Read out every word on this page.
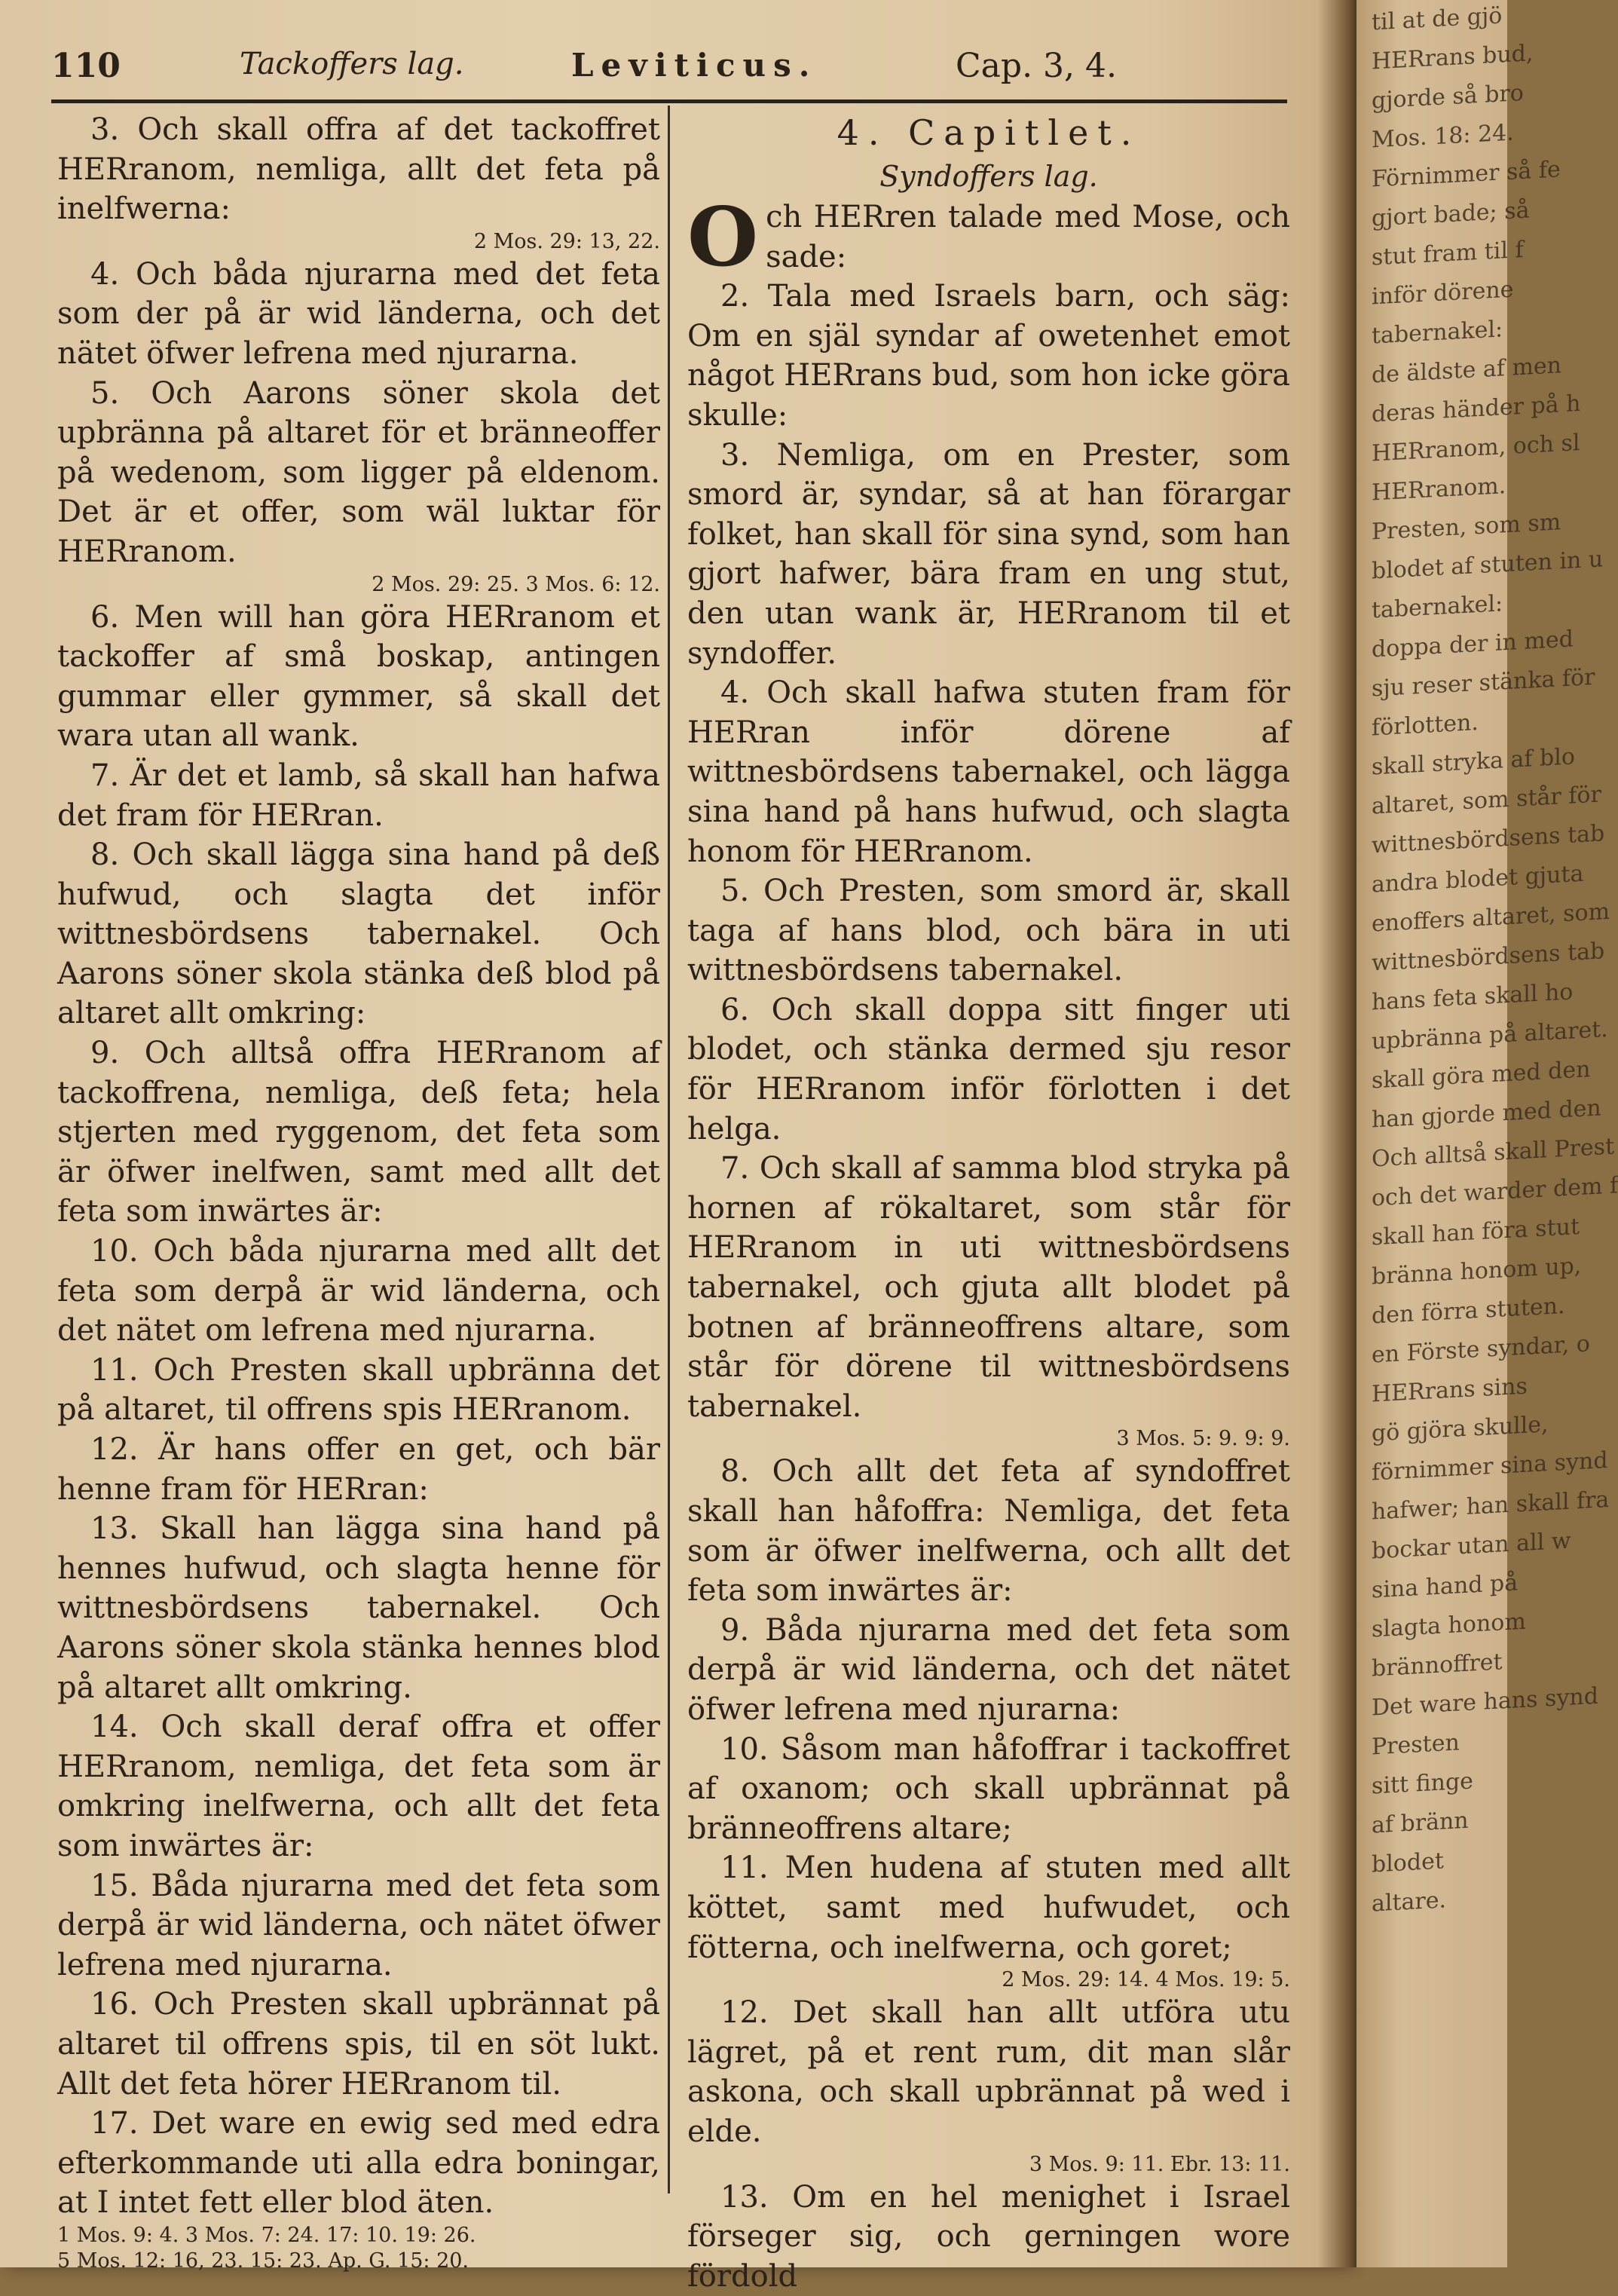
110	Tackoffers lag.	Leviticus.	Cap. 3, 4.

3. Och skall offra af det tackoffret HERranom, nemliga, allt det feta på inelfwerna:

2 Mos. 29: 13, 22.

4. Och båda njurarna med det feta som der på är wid länderna, och det nätet öfwer lefrena med njurarna.

5. Och Aarons söner skola det upbränna på altaret för et bränneoffer på wedenom, som ligger på eldenom. Det är et offer, som wäl luktar för HERranom.

2 Mos. 29: 25. 3 Mos. 6: 12.

6. Men will han göra HERranom et tackoffer af små boskap, antingen gummar eller gymmer, så skall det wara utan all wank.

7. Är det et lamb, så skall han hafwa det fram för HERran.

8. Och skall lägga sina hand på deß hufwud, och slagta det inför wittnesbördsens tabernakel. Och Aarons söner skola stänka deß blod på altaret allt omkring:

9. Och alltså offra HERranom af tackoffrena, nemliga, deß feta; hela stjerten med ryggenom, det feta som är öfwer inelfwen, samt med allt det feta som inwärtes är:

10. Och båda njurarna med allt det feta som derpå är wid länderna, och det nätet om lefrena med njurarna.

11. Och Presten skall upbränna det på altaret, til offrens spis HERranom.

12. Är hans offer en get, och bär henne fram för HERran:

13. Skall han lägga sina hand på hennes hufwud, och slagta henne för wittnesbördsens tabernakel. Och Aarons söner skola stänka hennes blod på altaret allt omkring.

14. Och skall deraf offra et offer HERranom, nemliga, det feta som är omkring inelfwerna, och allt det feta som inwärtes är:

15. Båda njurarna med det feta som derpå är wid länderna, och nätet öfwer lefrena med njurarna.

16. Och Presten skall upbrännat på altaret til offrens spis, til en söt lukt. Allt det feta hörer HERranom til.

17. Det ware en ewig sed med edra efterkommande uti alla edra boningar, at I intet fett eller blod äten.

1 Mos. 9: 4. 3 Mos. 7: 24. 17: 10. 19: 26.

5 Mos. 12: 16, 23. 15: 23. Ap. G. 15: 20.

4. Capitlet.

Syndoffers lag.

Och HERren talade med Mose, och sade:

2. Tala med Israels barn, och säg: Om en själ syndar af owetenhet emot något HERrans bud, som hon icke göra skulle:

3. Nemliga, om en Prester, som smord är, syndar, så at han förargar folket, han skall för sina synd, som han gjort hafwer, bära fram en ung stut, den utan wank är, HERranom til et syndoffer.

4. Och skall hafwa stuten fram för HERran inför dörene af wittnesbördsens tabernakel, och lägga sina hand på hans hufwud, och slagta honom för HERranom.

5. Och Presten, som smord är, skall taga af hans blod, och bära in uti wittnesbördsens tabernakel.

6. Och skall doppa sitt finger uti blodet, och stänka dermed sju resor för HERranom inför förlotten i det helga.

7. Och skall af samma blod stryka på hornen af rökaltaret, som står för HERranom in uti wittnesbördsens tabernakel, och gjuta allt blodet på botnen af bränneoffrens altare, som står för dörene til wittnesbördsens tabernakel.

3 Mos. 5: 9. 9: 9.

8. Och allt det feta af syndoffret skall han håfoffra: Nemliga, det feta som är öfwer inelfwerna, och allt det feta som inwärtes är:

9. Båda njurarna med det feta som derpå är wid länderna, och det nätet öfwer lefrena med njurarna:

10. Såsom man håfoffrar i tackoffret af oxanom; och skall upbrännat på bränneoffrens altare;

11. Men hudena af stuten med allt köttet, samt med hufwudet, och fötterna, och inelfwerna, och goret;

2 Mos. 29: 14. 4 Mos. 19: 5.

12. Det skall han allt utföra utu lägret, på et rent rum, dit man slår askona, och skall upbrännat på wed i elde.

3 Mos. 9: 11. Ebr. 13: 11.

13. Om en hel menighet i Israel förseger sig, och gerningen wore fördold

til at de gjö
HERrans bud,
gjorde så bro
Mos. 18: 24.
Förnimmer så fe
gjort bade; så
stut fram til f
inför dörene
tabernakel:
de äldste af men
deras händer på h
HERranom, och sl
HERranom.
Presten, som sm
blodet af stuten in u
tabernakel:
doppa der in med
sju reser stänka för
förlotten.
skall stryka af blo
altaret, som står för
wittnesbördsens tab
andra blodet gjuta
enoffers altaret, som
wittnesbördsens tab
hans feta skall ho
upbränna på altaret.
skall göra med den
han gjorde med den
Och alltså skall Prest
och det warder dem f
skall han föra stut
bränna honom up,
den förra stuten.
en Förste syndar, o
HERrans sins
gö gjöra skulle,
förnimmer sina synd
hafwer; han skall fra
bockar utan all w
sina hand på
slagta honom
brännoffret
Det ware hans synd
Presten
sitt finge
af bränn
blodet
altare.
